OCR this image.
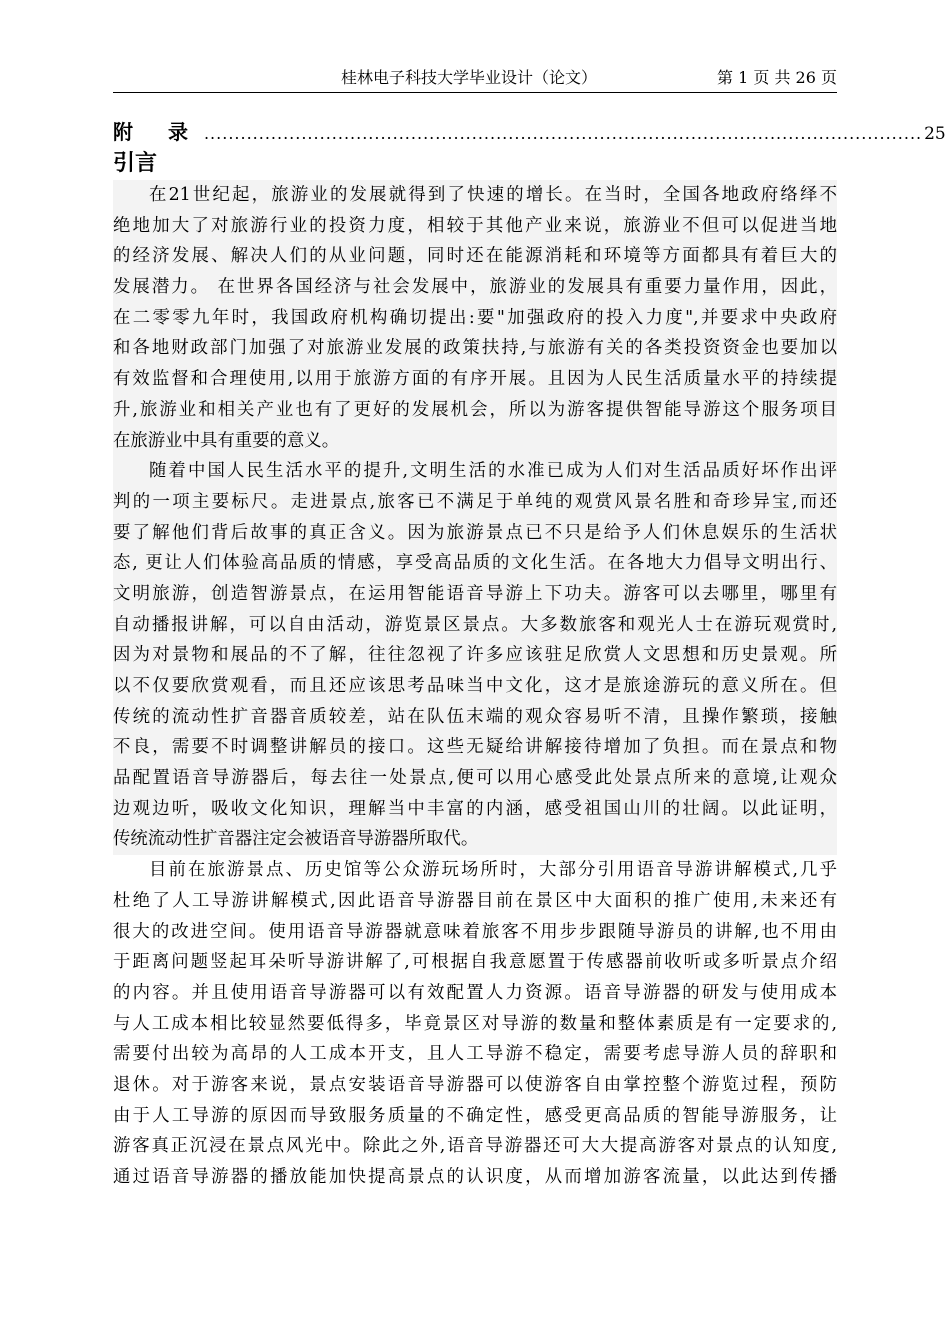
桂林电子科技大学毕业设计（论文）	第 1 页 共 26 页
附 录 ...................................................................................................................... 25
引言
在21世纪起，旅游业的发展就得到了快速的增长。在当时，全国各地政府络绎不
绝地加大了对旅游行业的投资力度，相较于其他产业来说，旅游业不但可以促进当地
的经济发展、解决人们的从业问题，同时还在能源消耗和环境等方面都具有着巨大的
发展潜力。 在世界各国经济与社会发展中，旅游业的发展具有重要力量作用，因此，
在二零零九年时，我国政府机构确切提出:要"加强政府的投入力度",并要求中央政府
和各地财政部门加强了对旅游业发展的政策扶持,与旅游有关的各类投资资金也要加以
有效监督和合理使用,以用于旅游方面的有序开展。且因为人民生活质量水平的持续提
升,旅游业和相关产业也有了更好的发展机会，所以为游客提供智能导游这个服务项目
在旅游业中具有重要的意义。
随着中国人民生活水平的提升,文明生活的水准已成为人们对生活品质好坏作出评
判的一项主要标尺。走进景点,旅客已不满足于单纯的观赏风景名胜和奇珍异宝,而还
要了解他们背后故事的真正含义。因为旅游景点已不只是给予人们休息娱乐的生活状
态, 更让人们体验高品质的情感，享受高品质的文化生活。在各地大力倡导文明出行、
文明旅游，创造智游景点，在运用智能语音导游上下功夫。游客可以去哪里，哪里有
自动播报讲解，可以自由活动，游览景区景点。大多数旅客和观光人士在游玩观赏时,
因为对景物和展品的不了解，往往忽视了许多应该驻足欣赏人文思想和历史景观。所
以不仅要欣赏观看，而且还应该思考品味当中文化，这才是旅途游玩的意义所在。但
传统的流动性扩音器音质较差，站在队伍末端的观众容易听不清，且操作繁琐，接触
不良，需要不时调整讲解员的接口。这些无疑给讲解接待增加了负担。而在景点和物
品配置语音导游器后，每去往一处景点,便可以用心感受此处景点所来的意境,让观众
边观边听，吸收文化知识，理解当中丰富的内涵，感受祖国山川的壮阔。以此证明，
传统流动性扩音器注定会被语音导游器所取代。
目前在旅游景点、历史馆等公众游玩场所时，大部分引用语音导游讲解模式,几乎
杜绝了人工导游讲解模式,因此语音导游器目前在景区中大面积的推广使用,未来还有
很大的改进空间。使用语音导游器就意味着旅客不用步步跟随导游员的讲解,也不用由
于距离问题竖起耳朵听导游讲解了,可根据自我意愿置于传感器前收听或多听景点介绍
的内容。并且使用语音导游器可以有效配置人力资源。语音导游器的研发与使用成本
与人工成本相比较显然要低得多，毕竟景区对导游的数量和整体素质是有一定要求的,
需要付出较为高昂的人工成本开支，且人工导游不稳定，需要考虑导游人员的辞职和
退休。对于游客来说，景点安装语音导游器可以使游客自由掌控整个游览过程，预防
由于人工导游的原因而导致服务质量的不确定性，感受更高品质的智能导游服务，让
游客真正沉浸在景点风光中。除此之外,语音导游器还可大大提高游客对景点的认知度,
通过语音导游器的播放能加快提高景点的认识度，从而增加游客流量，以此达到传播
